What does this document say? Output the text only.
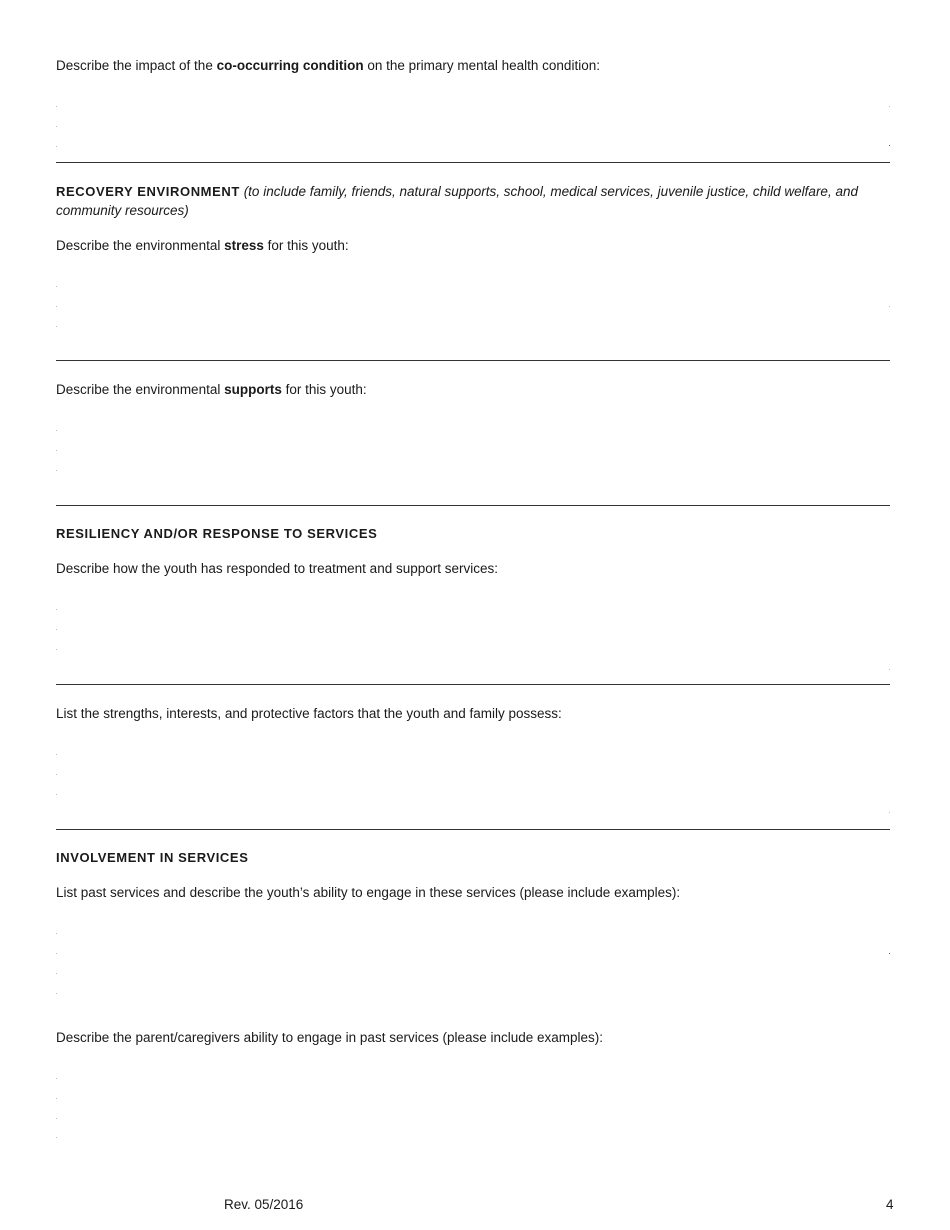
Describe the impact of the co-occurring condition on the primary mental health condition:
RECOVERY ENVIRONMENT (to include family, friends, natural supports, school, medical services, juvenile justice, child welfare, and community resources)
Describe the environmental stress for this youth:
Describe the environmental supports for this youth:
RESILIENCY AND/OR RESPONSE TO SERVICES
Describe how the youth has responded to treatment and support services:
List the strengths, interests, and protective factors that the youth and family possess:
INVOLVEMENT IN SERVICES
List past services and describe the youth’s ability to engage in these services (please include examples):
Describe the parent/caregivers ability to engage in past services (please include examples):
Rev. 05/2016	4
